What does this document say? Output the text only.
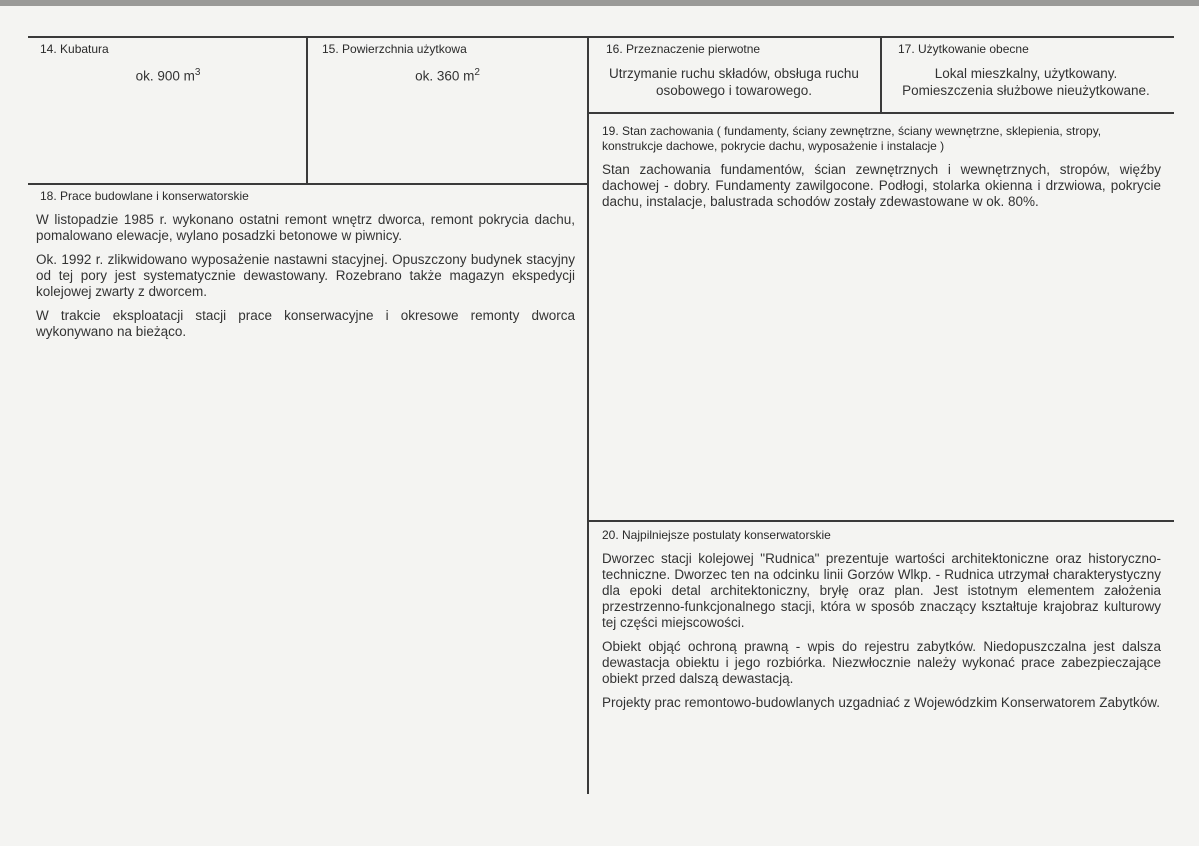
14. Kubatura
ok. 900 $m^3$
15. Powierzchnia użytkowa
ok. 360 $m^2$
16. Przeznaczenie pierwotne
Utrzymanie ruchu składów, obsługa ruchu osobowego i towarowego.
17. Użytkowanie obecne
Lokal mieszkalny, użytkowany.
Pomieszczenia służbowe nieużytkowane.
18. Prace budowlane i konserwatorskie

W listopadzie 1985 r. wykonano ostatni remont wnętrz dworca, remont pokrycia dachu, pomalowano elewacje, wylano posadzki betonowe w piwnicy.

Ok. 1992 r. zlikwidowano wyposażenie nastawni stacyjnej. Opuszczony budynek stacyjny od tej pory jest systematycznie dewastowany. Rozebrano także magazyn ekspedycji kolejowej zwarty z dworcem.

W trakcie eksploatacji stacji prace konserwacyjne i okresowe remonty dworca wykonywano na bieżąco.

19. Stan zachowania ( fundamenty, ściany zewnętrzne, ściany wewnętrzne, sklepienia, stropy, konstrukcje dachowe, pokrycie dachu, wyposażenie i instalacje )

Stan zachowania fundamentów, ścian zewnętrznych i wewnętrznych, stropów, więźby dachowej - dobry. Fundamenty zawilgocone. Podłogi, stolarka okienna i drzwiowa, pokrycie dachu, instalacje, balustrada schodów zostały zdewastowane w ok. 80%.

20. Najpilniejsze postulaty konserwatorskie

Dworzec stacji kolejowej "Rudnica" prezentuje wartości architektoniczne oraz historyczno-techniczne. Dworzec ten na odcinku linii Gorzów Wlkp. - Rudnica utrzymał charakterystyczny dla epoki detal architektoniczny, bryłę oraz plan. Jest istotnym elementem założenia przestrzenno-funkcjonalnego stacji, która w sposób znaczący kształtuje krajobraz kulturowy tej części miejscowości.

Obiekt objąć ochroną prawną - wpis do rejestru zabytków. Niedopuszczalna jest dalsza dewastacja obiektu i jego rozbiórka. Niezwłocznie należy wykonać prace zabezpieczające obiekt przed dalszą dewastacją.

Projekty prac remontowo-budowlanych uzgadniać z Wojewódzkim Konserwatorem Zabytków.
